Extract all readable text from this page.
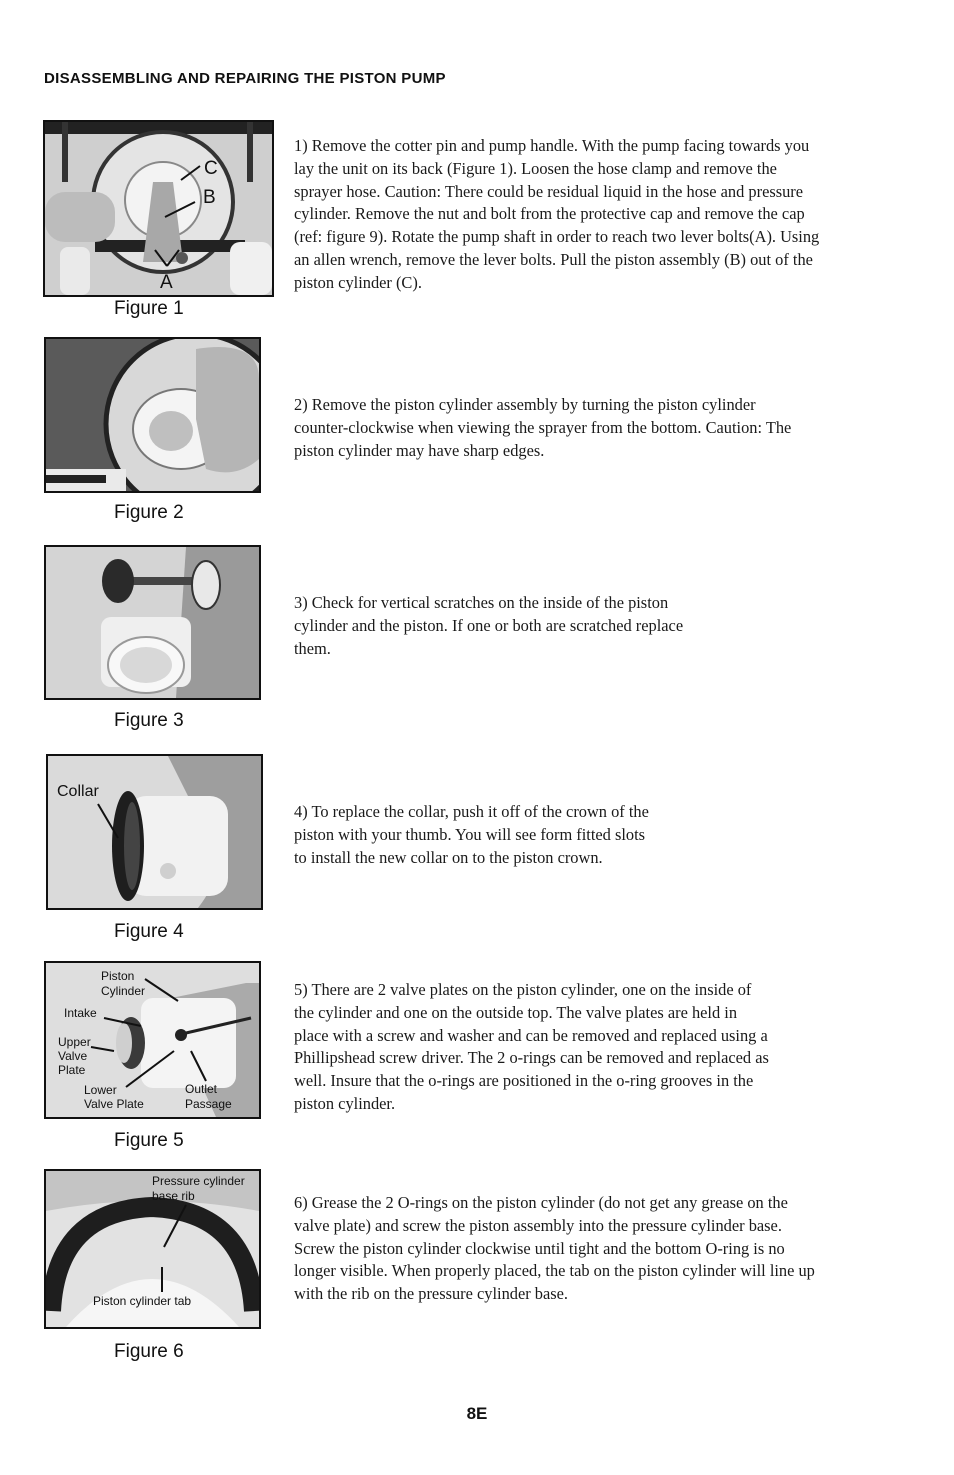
DISASSEMBLING AND REPAIRING THE PISTON PUMP
C
B
A
Figure 1
Figure 2
Figure 3
Collar
Figure 4
Piston
Cylinder
Intake
Upper
Valve
Plate
Lower
Valve Plate
Outlet
Passage
Figure 5
Pressure cylinder
base rib
Piston cylinder tab
Figure 6
1) Remove the cotter pin and pump handle. With the pump facing towards you
lay the unit on its back (Figure 1). Loosen the hose clamp and remove the
sprayer hose. Caution: There could be residual liquid in the hose and pressure
cylinder. Remove the nut and bolt from the protective cap and remove the cap
(ref: figure 9). Rotate the pump shaft in order to reach two lever bolts(A). Using
an allen wrench, remove the lever bolts. Pull the piston assembly (B) out of the
piston cylinder (C).
2) Remove the piston cylinder assembly by turning the piston cylinder
counter-clockwise when viewing the sprayer from the bottom. Caution: The
piston cylinder may have sharp edges.
3) Check for vertical scratches on the inside of the piston
cylinder and the piston. If one or both are scratched replace
them.
4) To replace the collar, push it off of the crown of the
piston with your thumb. You will see form fitted slots
to install the new collar on to the piston crown.
5) There are 2 valve plates on the piston cylinder, one on the inside of
the cylinder and one on the outside top. The valve plates are held in
place with a screw and washer and can be removed and replaced using a
Phillipshead screw driver. The 2 o-rings can be removed and replaced as
well. Insure that the o-rings are positioned in the o-ring grooves in the
piston cylinder.
6) Grease the 2 O-rings on the piston cylinder (do not get any grease on the
valve plate) and screw the piston assembly into the pressure cylinder base.
Screw the piston cylinder clockwise until tight and the bottom O-ring is no
longer visible. When properly placed, the tab on the piston cylinder will line up
with the rib on the pressure cylinder base.
8E
